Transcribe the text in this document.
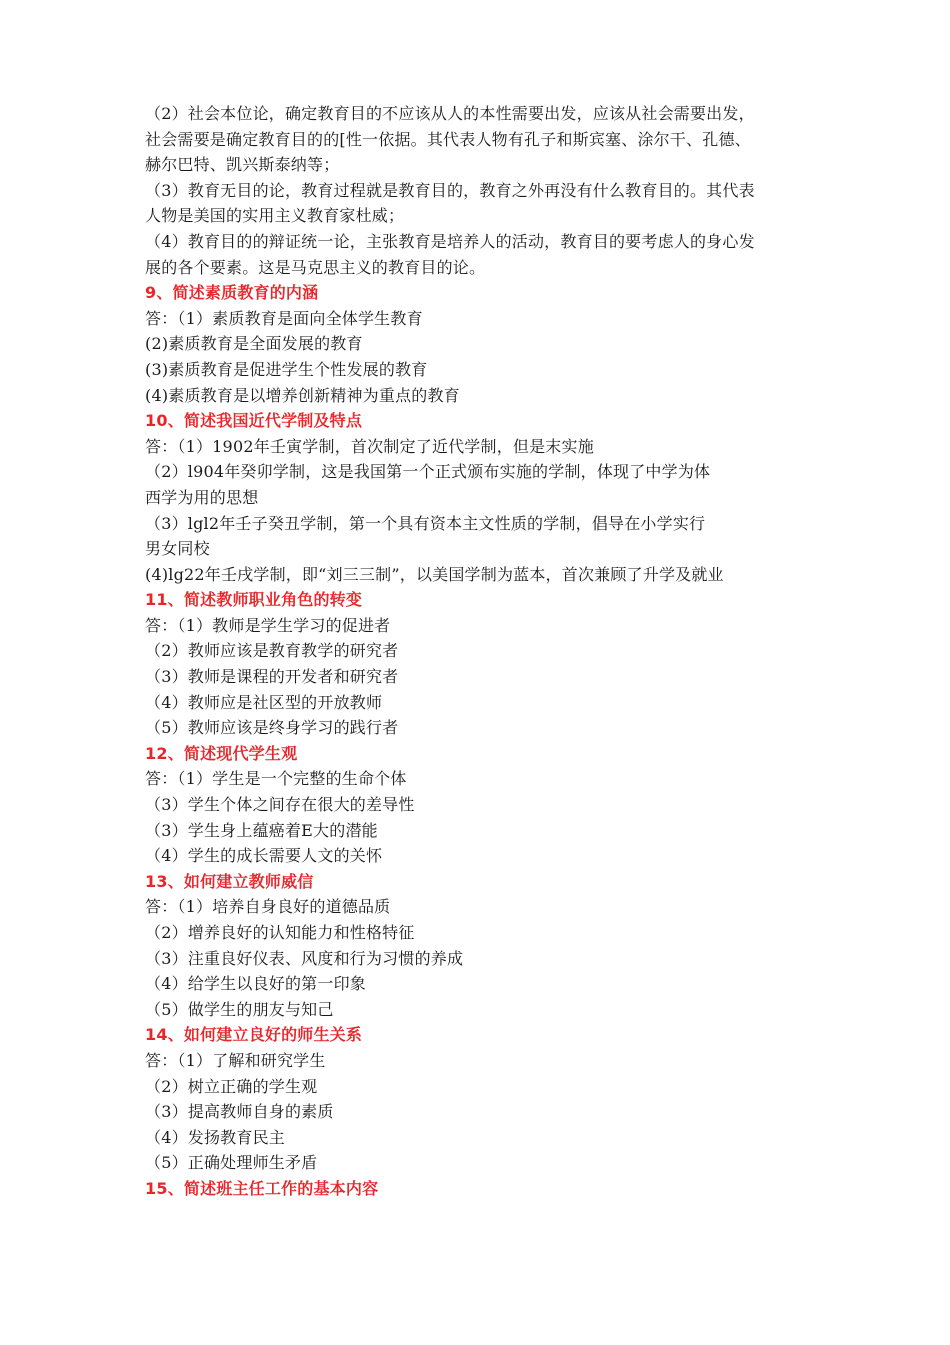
（2）社会本位论，确定教育目的不应该从人的本性需要出发，应该从社会需要出发，
社会需要是确定教育目的的[性一依据。其代表人物有孔子和斯宾塞、涂尔干、孔德、
赫尔巴特、凯兴斯泰纳等；
（3）教育无目的论，教育过程就是教育目的，教育之外再没有什么教育目的。其代表
人物是美国的实用主义教育家杜威；
（4）教育目的的辩证统一论，主张教育是培养人的活动，教育目的要考虑人的身心发
展的各个要素。这是马克思主义的教育目的论。
9、简述素质教育的内涵
答：（1）素质教育是面向全体学生教育
(2)素质教育是全面发展的教育
(3)素质教育是促进学生个性发展的教育
(4)素质教育是以增养创新精神为重点的教育
10、简述我国近代学制及特点
答：（1）1902年壬寅学制，首次制定了近代学制，但是末实施
（2）l904年癸卯学制，这是我国第一个正式颁布实施的学制，体现了中学为体
西学为用的思想
（3）lgl2年壬子癸丑学制，第一个具有资本主文性质的学制，倡导在小学实行
男女同校
(4)lg22年壬戌学制，即“刘三三制”，以美国学制为蓝本，首次兼顾了升学及就业
11、简述教师职业角色的转变
答：（1）教师是学生学习的促进者
（2）教师应该是教育教学的研究者
（3）教师是课程的开发者和研究者
（4）教师应是社区型的开放教师
（5）教师应该是终身学习的践行者
12、简述现代学生观
答：（1）学生是一个完整的生命个体
（3）学生个体之间存在很大的差导性
（3）学生身上蕴癌着E大的潜能
（4）学生的成长需要人文的关怀
13、如何建立教师威信
答：（1）培养自身良好的道德品质
（2）增养良好的认知能力和性格特征
（3）注重良好仪表、风度和行为习惯的养成
（4）给学生以良好的第一印象
（5）做学生的朋友与知己
14、如何建立良好的师生关系
答：（1）了解和研究学生
（2）树立正确的学生观
（3）提高教师自身的素质
（4）发扬教育民主
（5）正确处理师生矛盾
15、简述班主任工作的基本内容
